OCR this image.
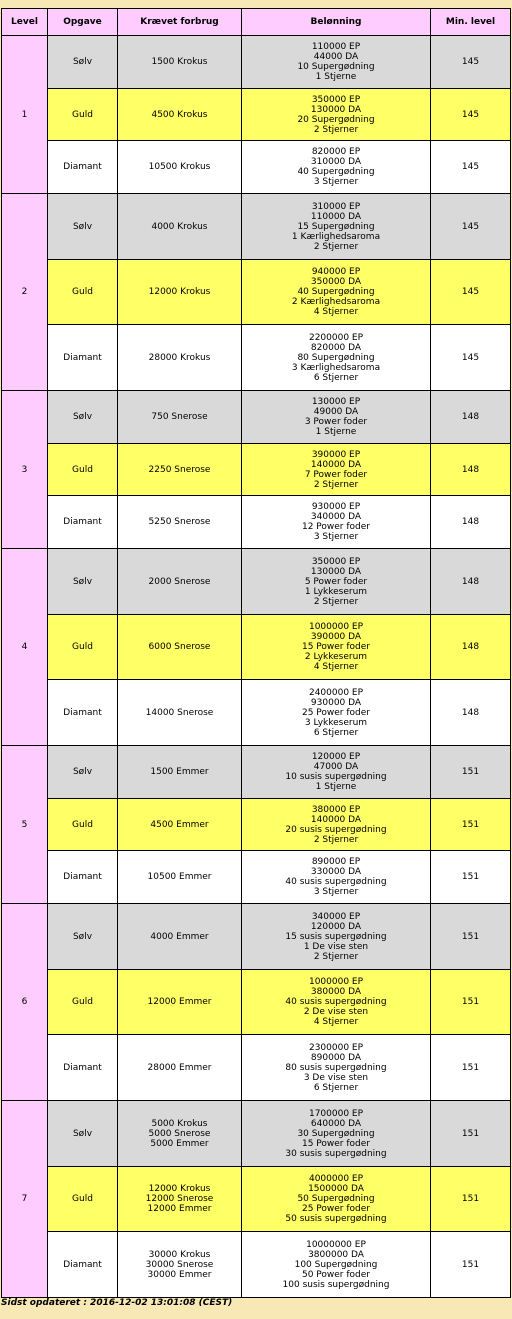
Level	Opgave	Krævet forbrug	Belønning	Min. level
1	Sølv	1500 Krokus	110000 EP
44000 DA
10 Supergødning
1 Stjerne	145
	Guld	4500 Krokus	350000 EP
130000 DA
20 Supergødning
2 Stjerner	145
	Diamant	10500 Krokus	820000 EP
310000 DA
40 Supergødning
3 Stjerner	145
2	Sølv	4000 Krokus	310000 EP
110000 DA
15 Supergødning
1 Kærlighedsaroma
2 Stjerner	145
	Guld	12000 Krokus	940000 EP
350000 DA
40 Supergødning
2 Kærlighedsaroma
4 Stjerner	145
	Diamant	28000 Krokus	2200000 EP
820000 DA
80 Supergødning
3 Kærlighedsaroma
6 Stjerner	145
3	Sølv	750 Snerose	130000 EP
49000 DA
3 Power foder
1 Stjerne	148
	Guld	2250 Snerose	390000 EP
140000 DA
7 Power foder
2 Stjerner	148
	Diamant	5250 Snerose	930000 EP
340000 DA
12 Power foder
3 Stjerner	148
4	Sølv	2000 Snerose	350000 EP
130000 DA
5 Power foder
1 Lykkeserum
2 Stjerner	148
	Guld	6000 Snerose	1000000 EP
390000 DA
15 Power foder
2 Lykkeserum
4 Stjerner	148
	Diamant	14000 Snerose	2400000 EP
930000 DA
25 Power foder
3 Lykkeserum
6 Stjerner	148
5	Sølv	1500 Emmer	120000 EP
47000 DA
10 susis supergødning
1 Stjerne	151
	Guld	4500 Emmer	380000 EP
140000 DA
20 susis supergødning
2 Stjerner	151
	Diamant	10500 Emmer	890000 EP
330000 DA
40 susis supergødning
3 Stjerner	151
6	Sølv	4000 Emmer	340000 EP
120000 DA
15 susis supergødning
1 De vise sten
2 Stjerner	151
	Guld	12000 Emmer	1000000 EP
380000 DA
40 susis supergødning
2 De vise sten
4 Stjerner	151
	Diamant	28000 Emmer	2300000 EP
890000 DA
80 susis supergødning
3 De vise sten
6 Stjerner	151
7	Sølv	5000 Krokus
5000 Snerose
5000 Emmer	1700000 EP
640000 DA
30 Supergødning
15 Power foder
30 susis supergødning	151
	Guld	12000 Krokus
12000 Snerose
12000 Emmer	4000000 EP
1500000 DA
50 Supergødning
25 Power foder
50 susis supergødning	151
	Diamant	30000 Krokus
30000 Snerose
30000 Emmer	10000000 EP
3800000 DA
100 Supergødning
50 Power foder
100 susis supergødning	151
Sidst opdateret : 2016-12-02 13:01:08 (CEST)
